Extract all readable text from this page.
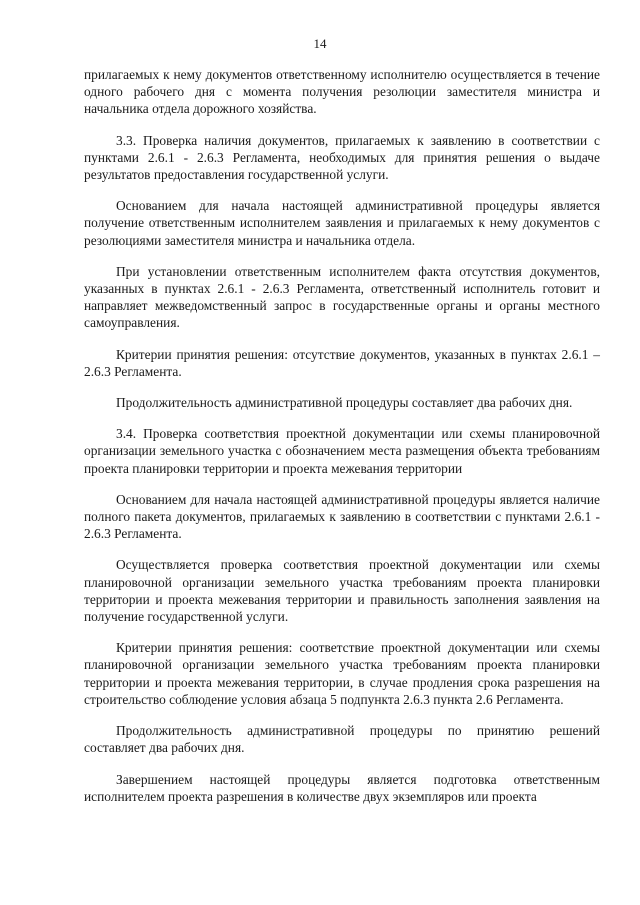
14

прилагаемых к нему документов ответственному исполнителю осуществляется в течение одного рабочего дня с момента получения резолюции заместителя министра и начальника отдела дорожного хозяйства.

3.3. Проверка наличия документов, прилагаемых к заявлению в соответствии с пунктами 2.6.1 - 2.6.3 Регламента, необходимых для принятия решения о выдаче результатов предоставления государственной услуги.

Основанием для начала настоящей административной процедуры является получение ответственным исполнителем заявления и прилагаемых к нему документов с резолюциями заместителя министра и начальника отдела.

При установлении ответственным исполнителем факта отсутствия документов, указанных в пунктах 2.6.1 - 2.6.3 Регламента, ответственный исполнитель готовит и направляет межведомственный запрос в государственные органы и органы местного самоуправления.

Критерии принятия решения: отсутствие документов, указанных в пунктах 2.6.1 – 2.6.3 Регламента.

Продолжительность административной процедуры составляет два рабочих дня.

3.4. Проверка соответствия проектной документации или схемы планировочной организации земельного участка с обозначением места размещения объекта требованиям проекта планировки территории и проекта межевания территории

Основанием для начала настоящей административной процедуры является наличие полного пакета документов, прилагаемых к заявлению в соответствии с пунктами 2.6.1 - 2.6.3 Регламента.

Осуществляется проверка соответствия проектной документации или схемы планировочной организации земельного участка требованиям проекта планировки территории и проекта межевания территории и правильность заполнения заявления на получение государственной услуги.

Критерии принятия решения: соответствие проектной документации или схемы планировочной организации земельного участка требованиям проекта планировки территории и проекта межевания территории, в случае продления срока разрешения на строительство соблюдение условия абзаца 5 подпункта 2.6.3 пункта 2.6 Регламента.

Продолжительность административной процедуры по принятию решений составляет два рабочих дня.

Завершением настоящей процедуры является подготовка ответственным исполнителем проекта разрешения в количестве двух экземпляров или проекта
